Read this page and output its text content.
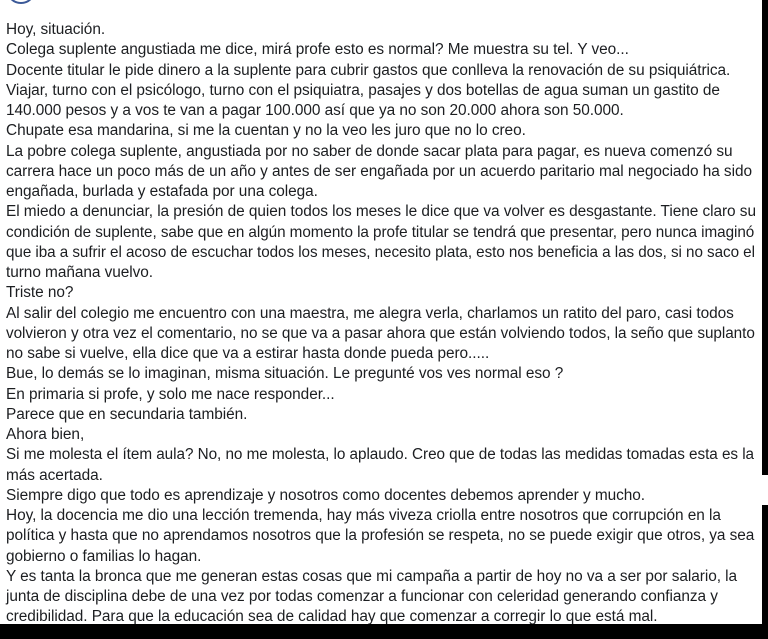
Hoy, situación.
Colega suplente angustiada me dice, mirá profe esto es normal? Me muestra su tel. Y veo...
Docente titular le pide dinero a la suplente para cubrir gastos que conlleva la renovación de su psiquiátrica.
Viajar, turno con el psicólogo, turno con el psiquiatra, pasajes y dos botellas de agua suman un gastito de
140.000 pesos y a vos te van a pagar 100.000 así que ya no son 20.000 ahora son 50.000.
Chupate esa mandarina, si me la cuentan y no la veo les juro que no lo creo.
La pobre colega suplente, angustiada por no saber de donde sacar plata para pagar, es nueva comenzó su
carrera hace un poco más de un año y antes de ser engañada por un acuerdo paritario mal negociado ha sido
engañada, burlada y estafada por una colega.
El miedo a denunciar, la presión de quien todos los meses le dice que va volver es desgastante. Tiene claro su
condición de suplente, sabe que en algún momento la profe titular se tendrá que presentar, pero nunca imaginó
que iba a sufrir el acoso de escuchar todos los meses, necesito plata, esto nos beneficia a las dos, si no saco el
turno mañana vuelvo.
Triste no?
Al salir del colegio me encuentro con una maestra, me alegra verla, charlamos un ratito del paro, casi todos
volvieron y otra vez el comentario, no se que va a pasar ahora que están volviendo todos, la seño que suplanto
no sabe si vuelve, ella dice que va a estirar hasta donde pueda pero.....
Bue, lo demás se lo imaginan, misma situación. Le pregunté vos ves normal eso ?
En primaria si profe, y solo me nace responder...
Parece que en secundaria también.
Ahora bien,
Si me molesta el ítem aula? No, no me molesta, lo aplaudo. Creo que de todas las medidas tomadas esta es la
más acertada.
Siempre digo que todo es aprendizaje y nosotros como docentes debemos aprender y mucho.
Hoy, la docencia me dio una lección tremenda, hay más viveza criolla entre nosotros que corrupción en la
política y hasta que no aprendamos nosotros que la profesión se respeta, no se puede exigir que otros, ya sea
gobierno o familias lo hagan.
Y es tanta la bronca que me generan estas cosas que mi campaña a partir de hoy no va a ser por salario, la
junta de disciplina debe de una vez por todas comenzar a funcionar con celeridad generando confianza y
credibilidad. Para que la educación sea de calidad hay que comenzar a corregir lo que está mal.
